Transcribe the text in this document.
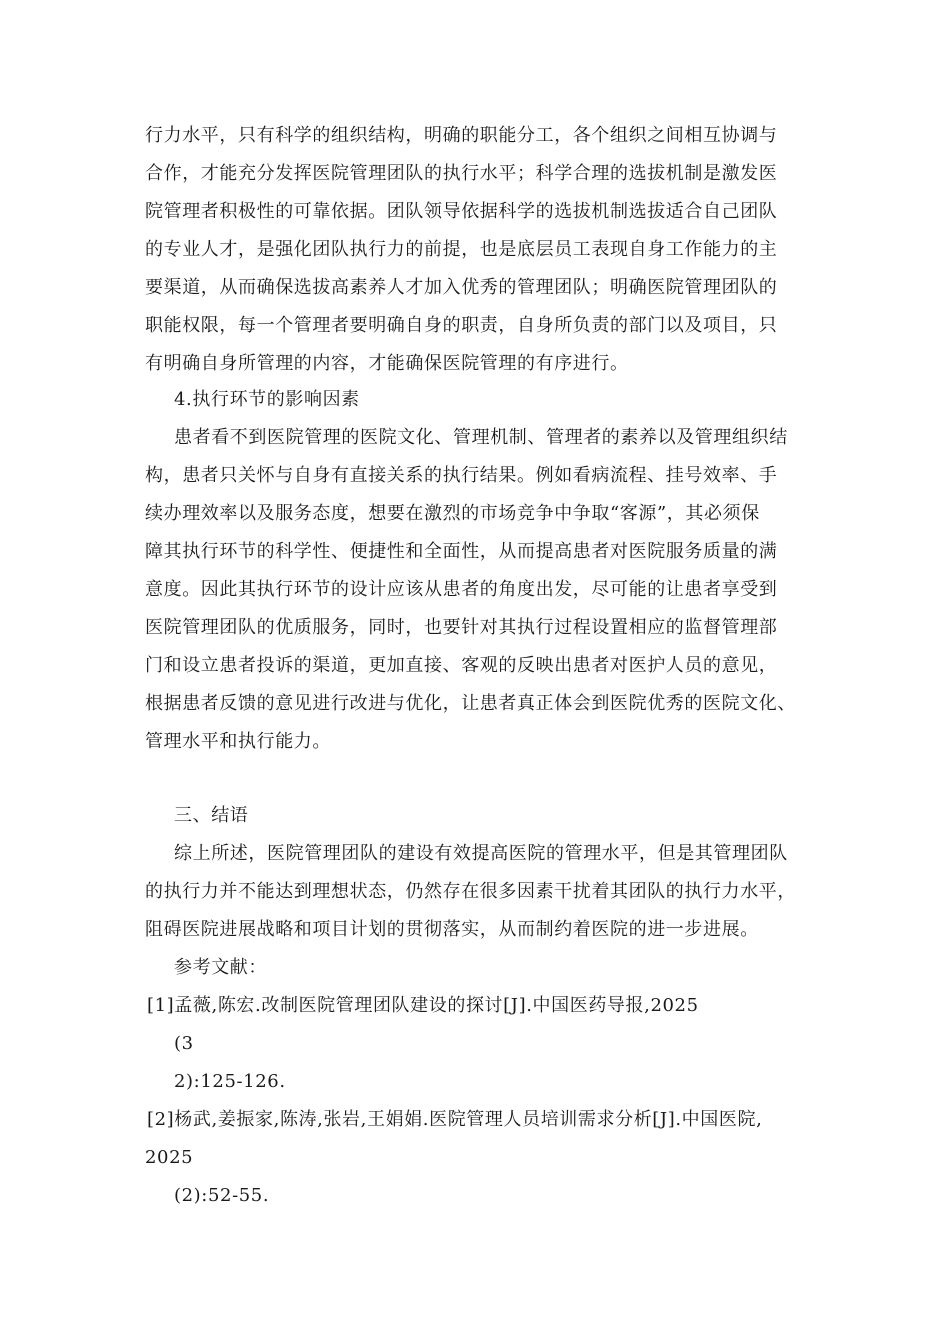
行力水平，只有科学的组织结构，明确的职能分工，各个组织之间相互协调与
合作，才能充分发挥医院管理团队的执行水平；科学合理的选拔机制是激发医
院管理者积极性的可靠依据。团队领导依据科学的选拔机制选拔适合自己团队
的专业人才，是强化团队执行力的前提，也是底层员工表现自身工作能力的主
要渠道，从而确保选拔高素养人才加入优秀的管理团队；明确医院管理团队的
职能权限，每一个管理者要明确自身的职责，自身所负责的部门以及项目，只
有明确自身所管理的内容，才能确保医院管理的有序进行。
4.执行环节的影响因素
患者看不到医院管理的医院文化、管理机制、管理者的素养以及管理组织结
构，患者只关怀与自身有直接关系的执行结果。例如看病流程、挂号效率、手
续办理效率以及服务态度，想要在激烈的市场竞争中争取“客源”，其必须保
障其执行环节的科学性、便捷性和全面性，从而提高患者对医院服务质量的满
意度。因此其执行环节的设计应该从患者的角度出发，尽可能的让患者享受到
医院管理团队的优质服务，同时，也要针对其执行过程设置相应的监督管理部
门和设立患者投诉的渠道，更加直接、客观的反映出患者对医护人员的意见，
根据患者反馈的意见进行改进与优化，让患者真正体会到医院优秀的医院文化、
管理水平和执行能力。
三、结语
综上所述，医院管理团队的建设有效提高医院的管理水平，但是其管理团队
的执行力并不能达到理想状态，仍然存在很多因素干扰着其团队的执行力水平，
阻碍医院进展战略和项目计划的贯彻落实，从而制约着医院的进一步进展。
参考文献：
[1]孟薇,陈宏.改制医院管理团队建设的探讨[J].中国医药导报,2025
(3
2):125-126.
[2]杨武,姜振家,陈涛,张岩,王娟娟.医院管理人员培训需求分析[J].中国医院,
2025
(2):52-55.
